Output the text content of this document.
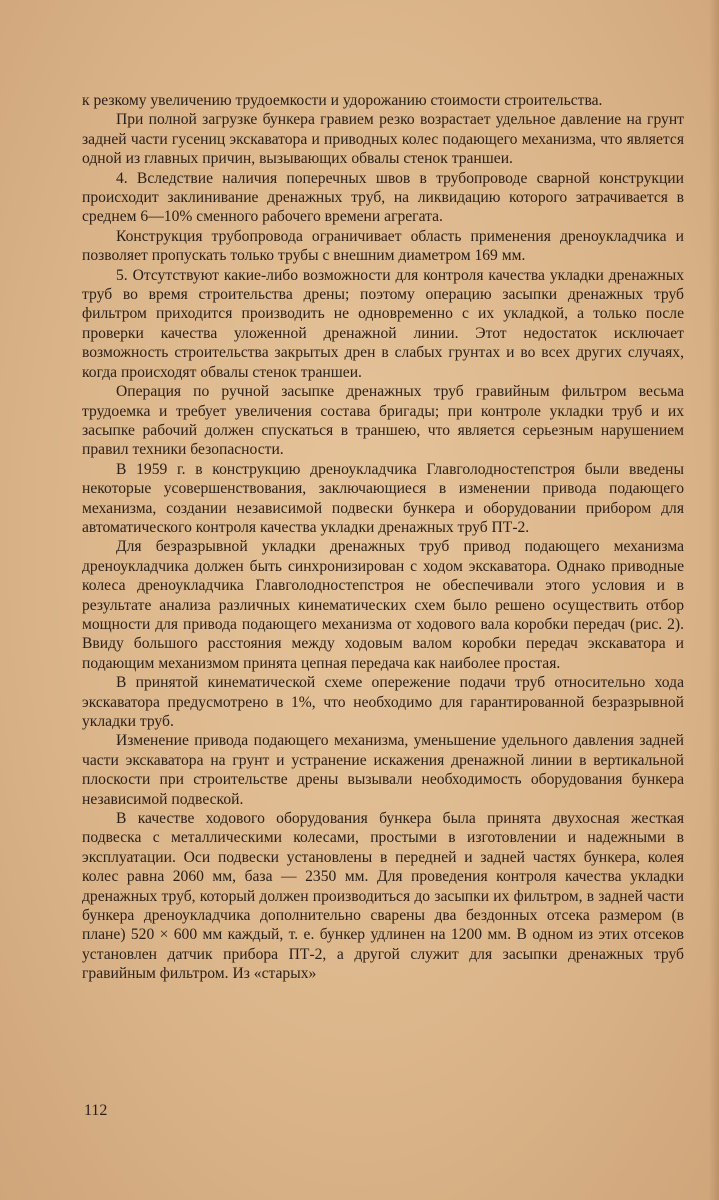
к резкому увеличению трудоемкости и удорожанию стоимости строительства.

При полной загрузке бункера гравием резко возрастает удельное давление на грунт задней части гусениц экскаватора и приводных колес подающего механизма, что является одной из главных причин, вызывающих обвалы стенок траншеи.

4. Вследствие наличия поперечных швов в трубопроводе сварной конструкции происходит заклинивание дренажных труб, на ликвидацию которого затрачивается в среднем 6—10% сменного рабочего времени агрегата.

Конструкция трубопровода ограничивает область применения дреноукладчика и позволяет пропускать только трубы с внешним диаметром 169 мм.

5. Отсутствуют какие-либо возможности для контроля качества укладки дренажных труб во время строительства дрены; поэтому операцию засыпки дренажных труб фильтром приходится производить не одновременно с их укладкой, а только после проверки качества уложенной дренажной линии. Этот недостаток исключает возможность строительства закрытых дрен в слабых грунтах и во всех других случаях, когда происходят обвалы стенок траншеи.

Операция по ручной засыпке дренажных труб гравийным фильтром весьма трудоемка и требует увеличения состава бригады; при контроле укладки труб и их засыпке рабочий должен спускаться в траншею, что является серьезным нарушением правил техники безопасности.

В 1959 г. в конструкцию дреноукладчика Главголодностепстроя были введены некоторые усовершенствования, заключающиеся в изменении привода подающего механизма, создании независимой подвески бункера и оборудовании прибором для автоматического контроля качества укладки дренажных труб ПТ-2.

Для безразрывной укладки дренажных труб привод подающего механизма дреноукладчика должен быть синхронизирован с ходом экскаватора. Однако приводные колеса дреноукладчика Главголодностепстроя не обеспечивали этого условия и в результате анализа различных кинематических схем было решено осуществить отбор мощности для привода подающего механизма от ходового вала коробки передач (рис. 2). Ввиду большого расстояния между ходовым валом коробки передач экскаватора и подающим механизмом принята цепная передача как наиболее простая.

В принятой кинематической схеме опережение подачи труб относительно хода экскаватора предусмотрено в 1%, что необходимо для гарантированной безразрывной укладки труб.

Изменение привода подающего механизма, уменьшение удельного давления задней части экскаватора на грунт и устранение искажения дренажной линии в вертикальной плоскости при строительстве дрены вызывали необходимость оборудования бункера независимой подвеской.

В качестве ходового оборудования бункера была принята двухосная жесткая подвеска с металлическими колесами, простыми в изготовлении и надежными в эксплуатации. Оси подвески установлены в передней и задней частях бункера, колея колес равна 2060 мм, база — 2350 мм. Для проведения контроля качества укладки дренажных труб, который должен производиться до засыпки их фильтром, в задней части бункера дреноукладчика дополнительно сварены два бездонных отсека размером (в плане) 520 × 600 мм каждый, т. е. бункер удлинен на 1200 мм. В одном из этих отсеков установлен датчик прибора ПТ-2, а другой служит для засыпки дренажных труб гравийным фильтром. Из «старых»

112
